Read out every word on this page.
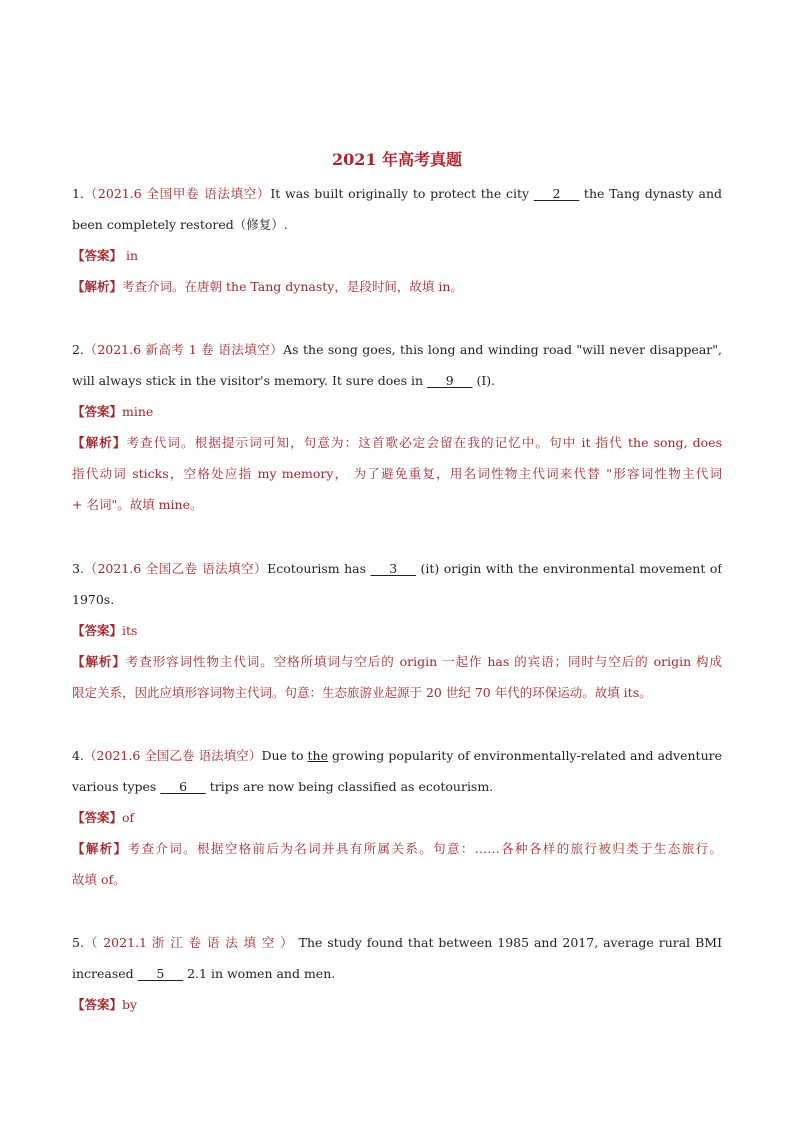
2021 年高考真题
1.（2021.6 全国甲卷 语法填空）It was built originally to protect the city ___2___ the Tang dynasty and
been completely restored（修复）.
【答案】 in
【解析】考查介词。在唐朝 the Tang dynasty，是段时间，故填 in。
2.（2021.6 新高考 1 卷 语法填空）As the song goes, this long and winding road "will never disappear",
will always stick in the visitor's memory. It sure does in ___9___ (I).
【答案】mine
【解析】考查代词。根据提示词可知，句意为：这首歌必定会留在我的记忆中。句中 it 指代 the song, does
指代动词 sticks，空格处应指 my memory， 为了避免重复，用名词性物主代词来代替 "形容词性物主代词
+ 名词"。故填 mine。
3.（2021.6 全国乙卷 语法填空）Ecotourism has ___3___ (it) origin with the environmental movement of
1970s.
【答案】its
【解析】考查形容词性物主代词。空格所填词与空后的 origin 一起作 has 的宾语；同时与空后的 origin 构成
限定关系，因此应填形容词物主代词。句意：生态旅游业起源于 20 世纪 70 年代的环保运动。故填 its。
4.（2021.6 全国乙卷 语法填空）Due to the growing popularity of environmentally-related and adventure
various types ___6___ trips are now being classified as ecotourism.
【答案】of
【解析】考查介词。根据空格前后为名词并具有所属关系。句意：……各种各样的旅行被归类于生态旅行。
故填 of。
5.（ 2021.1 浙 江 卷 语 法 填 空 ） The study found that between 1985 and 2017, average rural BMI
increased ___5___ 2.1 in women and men.
【答案】by
